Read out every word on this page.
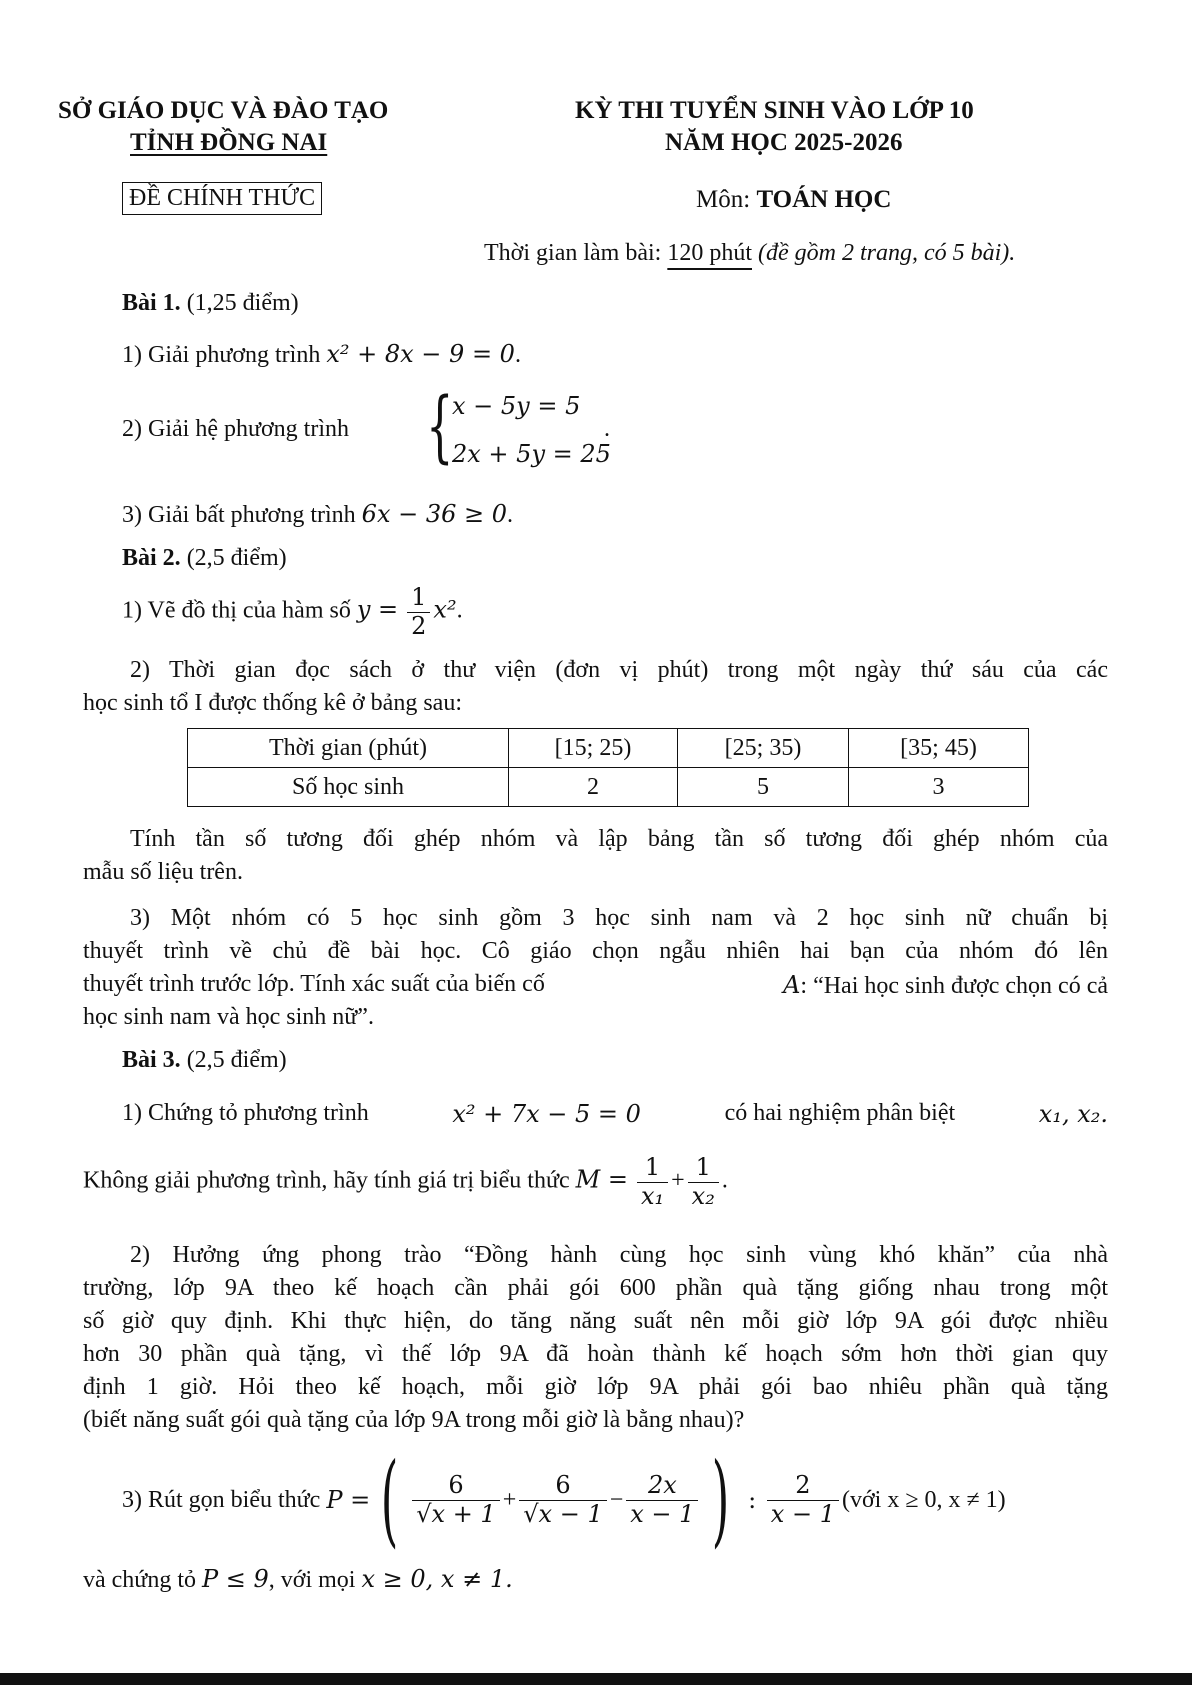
SỞ GIÁO DỤC VÀ ĐÀO TẠO
TỈNH ĐỒNG NAI
ĐỀ CHÍNH THỨC
KỲ THI TUYỂN SINH VÀO LỚP 10
NĂM HỌC 2025-2026
Môn: TOÁN HỌC
Thời gian làm bài: 120 phút (đề gồm 2 trang, có 5 bài).
Bài 1. (1,25 điểm)
1) Giải phương trình x² + 8x − 9 = 0.
2) Giải hệ phương trình {
x − 5y = 5
2x + 5y = 25
.
3) Giải bất phương trình 6x − 36 ≥ 0.
Bài 2. (2,5 điểm)
1) Vẽ đồ thị của hàm số $y = \frac{1}{2} x^2$.
2) Thời gian đọc sách ở thư viện (đơn vị phút) trong một ngày thứ sáu của các
học sinh tổ I được thống kê ở bảng sau:
Thời gian (phút)	[15; 25)	[25; 35)	[35; 45)
Số học sinh	2	5	3
Tính tần số tương đối ghép nhóm và lập bảng tần số tương đối ghép nhóm của
mẫu số liệu trên.
3) Một nhóm có 5 học sinh gồm 3 học sinh nam và 2 học sinh nữ chuẩn bị
thuyết trình về chủ đề bài học. Cô giáo chọn ngẫu nhiên hai bạn của nhóm đó lên
thuyết trình trước lớp. Tính xác suất của biến cố	A: “Hai học sinh được chọn có cả
học sinh nam và học sinh nữ”.
Bài 3. (2,5 điểm)
1) Chứng tỏ phương trình	x² + 7x − 5 = 0	có hai nghiệm phân biệt	x₁, x₂.
Không giải phương trình, hãy tính giá trị biểu thức $M = \frac{1}{\text{x₁}} + \frac{1}{\text{x₂}}$ .
2) Hưởng ứng phong trào “Đồng hành cùng học sinh vùng khó khăn” của nhà
trường, lớp 9A theo kế hoạch cần phải gói 600 phần quà tặng giống nhau trong một
số giờ quy định. Khi thực hiện, do tăng năng suất nên mỗi giờ lớp 9A gói được nhiều
hơn 30 phần quà tặng, vì thế lớp 9A đã hoàn thành kế hoạch sớm hơn thời gian quy
định 1 giờ. Hỏi theo kế hoạch, mỗi giờ lớp 9A phải gói bao nhiêu phần quà tặng
(biết năng suất gói quà tặng của lớp 9A trong mỗi giờ là bằng nhau)?
3) Rút gọn biểu thức
P = ( $\frac{6}{√x + 1} + \frac{6}{√x - 1} - \frac{2x}{x - 1}$ ) : $\frac{2}{x - 1}$ (với x ≥ 0, x ≠ 1)
và chứng tỏ P ≤ 9, với mọi x ≥ 0, x ≠ 1.
